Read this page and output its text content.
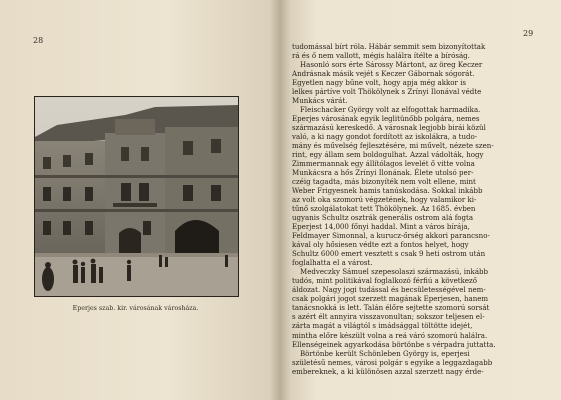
28
29
Eperjes szab. kir. városának városháza.
tudomással bírt róla. Hábár semmit sem bizonyítottak
rá és ő nem vallott, mégis halálra ítélte a bíróság.
Hasonló sors érte Sárossy Mártont, az öreg Keczer
Andrásnak másik vejét s Keczer Gábornak sógorát.
Egyetlen nagy bűne volt, hogy apja még akkor is
lelkes pártíve volt Thökölynek s Zrínyi Ilonával védte
Munkács várát.
Fleischacker György volt az elfogottak harmadika.
Eperjes városának egyik leglitünőbb polgára, nemes
származású kereskedő. A városnak legjobb birái közül
való, a ki nagy gondot fordított az iskolákra, a tudo-
mány és művelség fejlesztésére, mi művelt, nézete szen-
rint, egy állam sem boldogulhat. Azzal vádolták, hogy
Zimmermannak egy állítólagos levelét ő vitte volna
Munkácsra a hős Zrínyi Ilonának. Élete utolsó per-
czéig tagadta, más bizonyíték nem volt ellene, mint
Weber Frigyesnek hamis tanúskodása. Sokkal inkább
az volt oka szomorú végzetének, hogy valamikor ki-
tűnő szolgálatokat tett Thökölynek. Az 1685. évben
ugyanis Schultz osztrák generális ostrom alá fogta
Eperjest 14,000 főnyi haddal. Mint a város bírája,
Feldmayer Simonnal, a kurucz-őrség akkori parancsno-
kával oly hősiesen védte ezt a fontos helyet, hogy
Schultz 6000 emert vesztett s csak 9 heti ostrom után
foglalhatta el a várost.
Medveczky Sámuel szepesolaszi származású, inkább
tudós, mint politikával foglalkozó férfiú a következő
áldozat. Nagy jogi tudással és becsületességével nem-
csak polgári jogot szerzett magának Eperjesen, hanem
tanácsnokká is lett. Talán élőre sejtette szomorú sorsát
s azért élt annyira visszavonultan; sokszor teljesen el-
zárta magát a világtól s imádsággal töltötte idejét,
mintha előre készült volna a reá váró szomorú halálra.
Ellenségeinek agyarkodása börtönbe s vérpadra juttatta.
Börtönbe került Schönleben György is, eperjesi
születésű nemes, városi polgár s egyike a leggazdagabb
embereknek, a ki különösen azzal szerzett nagy érde-
